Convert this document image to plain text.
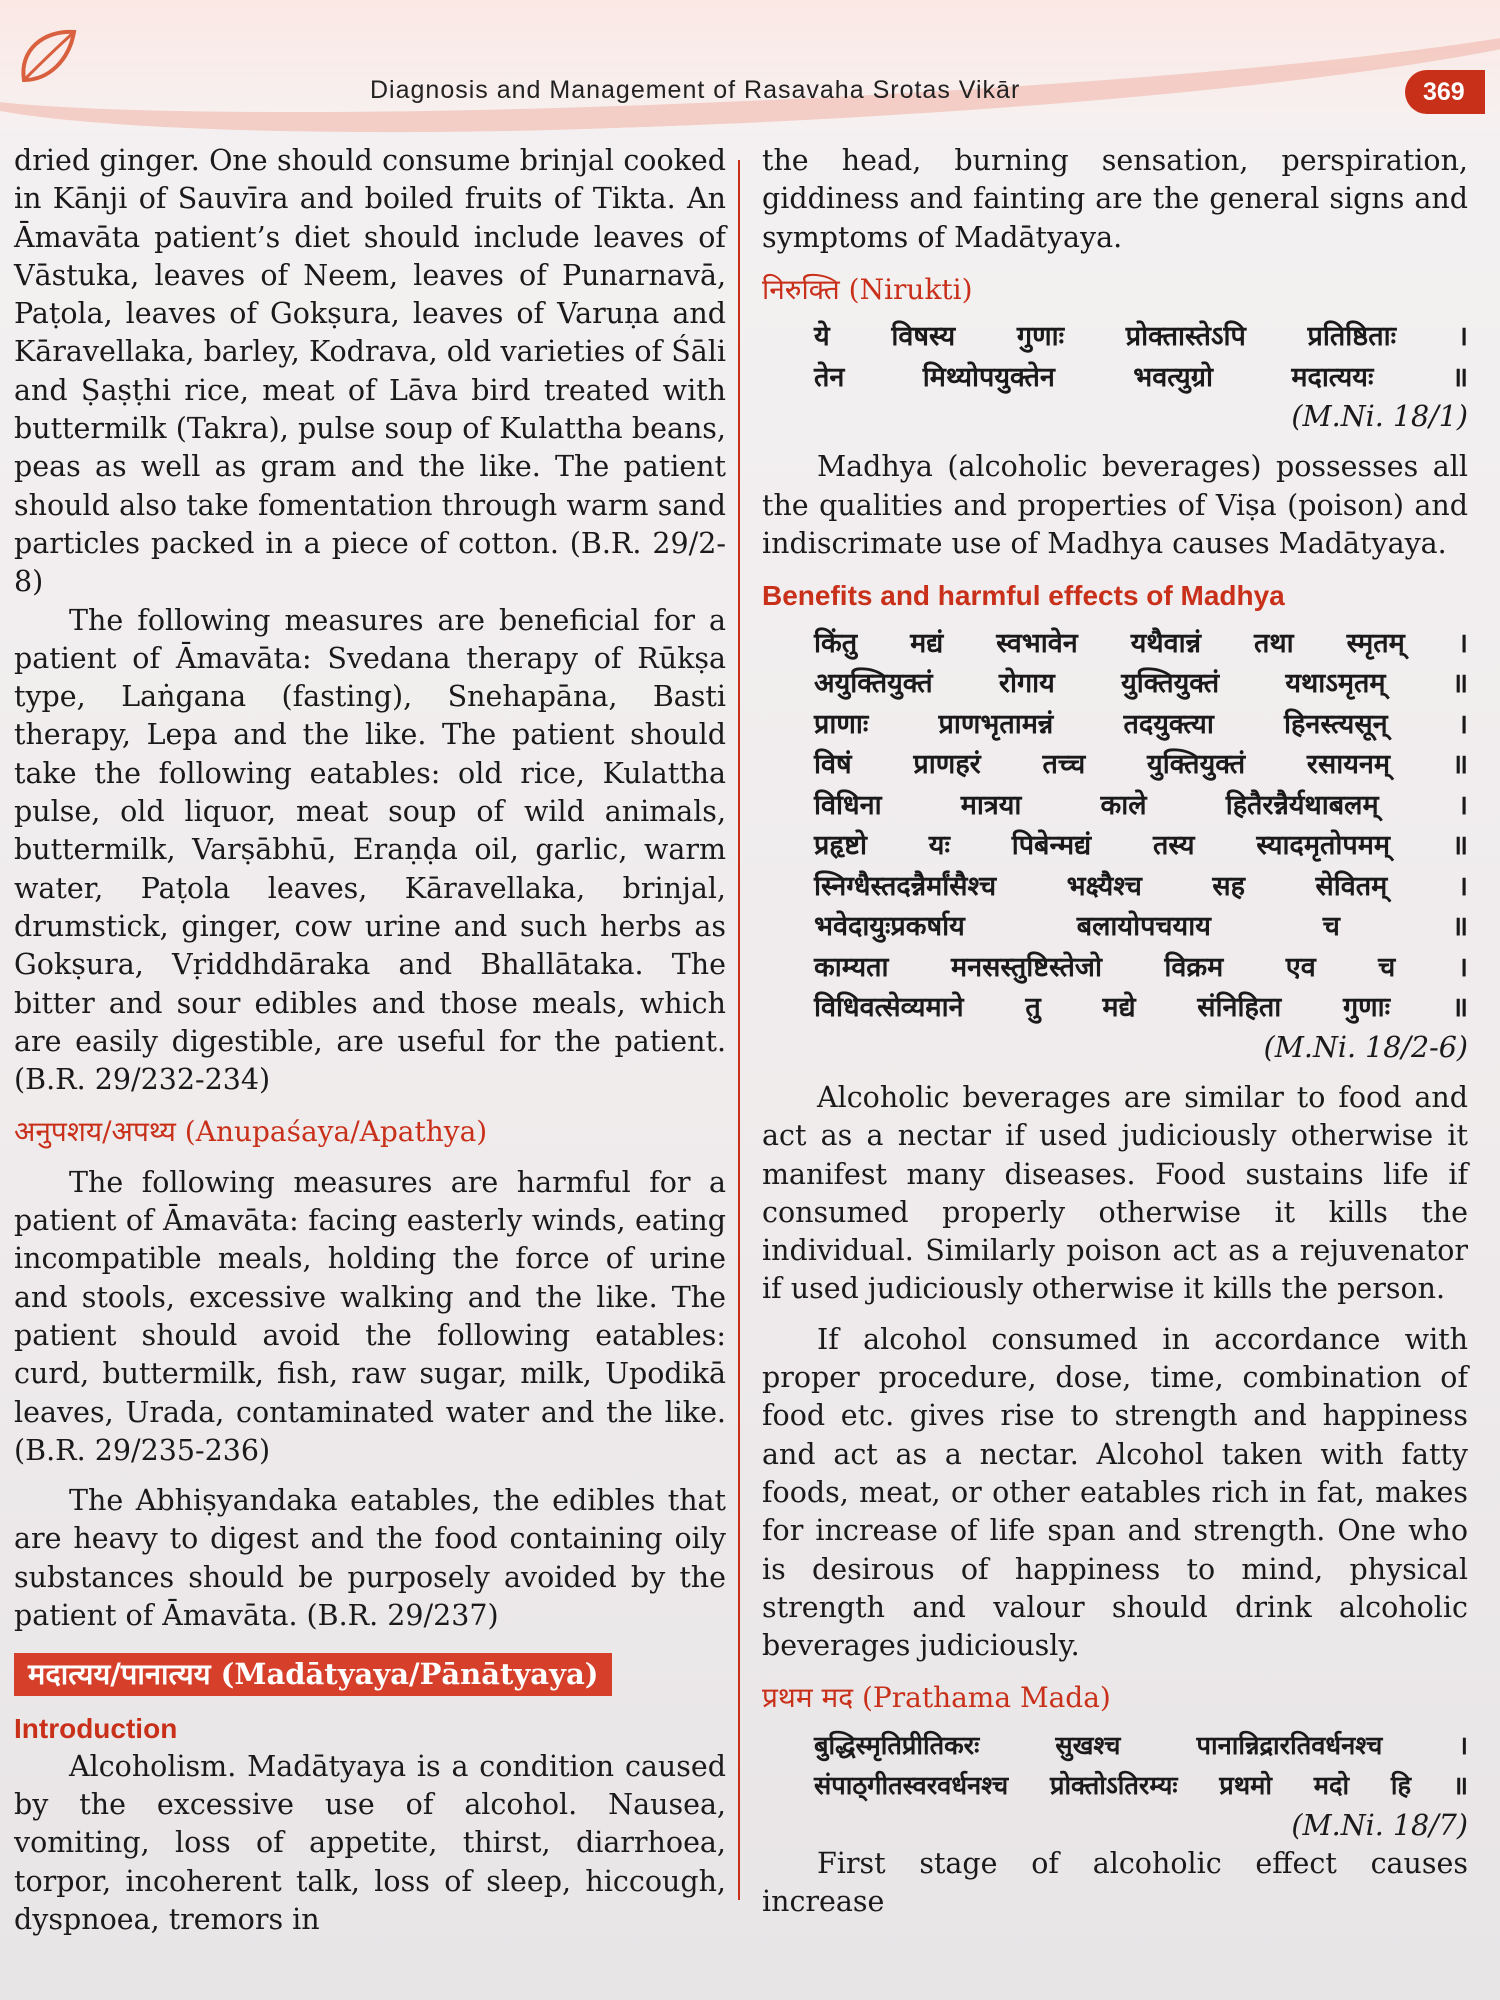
Diagnosis and Management of Rasavaha Srotas Vikār	369

dried ginger. One should consume brinjal cooked in Kānji of Sauvīra and boiled fruits of Tikta. An Āmavāta patient’s diet should include leaves of Vāstuka, leaves of Neem, leaves of Punarnavā, Paṭola, leaves of Gokṣura, leaves of Varuṇa and Kāravellaka, barley, Kodrava, old varieties of Śāli and Ṣaṣṭhi rice, meat of Lāva bird treated with buttermilk (Takra), pulse soup of Kulattha beans, peas as well as gram and the like. The patient should also take fomentation through warm sand particles packed in a piece of cotton. (B.R. 29/2-8)

The following measures are beneficial for a patient of Āmavāta: Svedana therapy of Rūkṣa type, Laṅgana (fasting), Snehapāna, Basti therapy, Lepa and the like. The patient should take the following eatables: old rice, Kulattha pulse, old liquor, meat soup of wild animals, buttermilk, Varṣābhū, Eraṇḍa oil, garlic, warm water, Paṭola leaves, Kāravellaka, brinjal, drumstick, ginger, cow urine and such herbs as Gokṣura, Vṛiddhdāraka and Bhallātaka. The bitter and sour edibles and those meals, which are easily digestible, are useful for the patient. (B.R. 29/232-234)

अनुपशय/अपथ्य (Anupaśaya/Apathya)

The following measures are harmful for a patient of Āmavāta: facing easterly winds, eating incompatible meals, holding the force of urine and stools, excessive walking and the like. The patient should avoid the following eatables: curd, buttermilk, fish, raw sugar, milk, Upodikā leaves, Urada, contaminated water and the like. (B.R. 29/235-236)

The Abhiṣyandaka eatables, the edibles that are heavy to digest and the food containing oily substances should be purposely avoided by the patient of Āmavāta. (B.R. 29/237)

मदात्यय/पानात्यय (Madātyaya/Pānātyaya)
Introduction

Alcoholism. Madātyaya is a condition caused by the excessive use of alcohol. Nausea, vomiting, loss of appetite, thirst, diarrhoea, torpor, incoherent talk, loss of sleep, hiccough, dyspnoea, tremors in

the head, burning sensation, perspiration, giddiness and fainting are the general signs and symptoms of Madātyaya.

निरुक्ति (Nirukti)
ये विषस्य गुणाः प्रोक्तास्तेऽपि प्रतिष्ठिताः ।
तेन मिथ्योपयुक्तेन भवत्युग्रो मदात्ययः ॥
(M.Ni. 18/1)

Madhya (alcoholic beverages) possesses all the qualities and properties of Viṣa (poison) and indiscrimate use of Madhya causes Madātyaya.

Benefits and harmful effects of Madhya
किंतु मद्यं स्वभावेन यथैवान्नं तथा स्मृतम् ।
अयुक्तियुक्तं रोगाय युक्तियुक्तं यथाऽमृतम् ॥
प्राणाः प्राणभृतामन्नं तदयुक्त्या हिनस्त्यसून् ।
विषं प्राणहरं तच्च युक्तियुक्तं रसायनम् ॥
विधिना मात्रया काले हितैरन्नैर्यथाबलम् ।
प्रहृष्टो यः पिबेन्मद्यं तस्य स्यादमृतोपमम् ॥
स्निग्धैस्तदन्नैर्मांसैश्च भक्ष्यैश्च सह सेवितम् ।
भवेदायुःप्रकर्षाय बलायोपचयाय च ॥
काम्यता मनसस्तुष्टिस्तेजो विक्रम एव च ।
विधिवत्सेव्यमाने तु मद्ये संनिहिता गुणाः ॥
(M.Ni. 18/2-6)

Alcoholic beverages are similar to food and act as a nectar if used judiciously otherwise it manifest many diseases. Food sustains life if consumed properly otherwise it kills the individual. Similarly poison act as a rejuvenator if used judiciously otherwise it kills the person.

If alcohol consumed in accordance with proper procedure, dose, time, combination of food etc. gives rise to strength and happiness and act as a nectar. Alcohol taken with fatty foods, meat, or other eatables rich in fat, makes for increase of life span and strength. One who is desirous of happiness to mind, physical strength and valour should drink alcoholic beverages judiciously.

प्रथम मद (Prathama Mada)
बुद्धिस्मृतिप्रीतिकरः सुखश्च पानान्निद्रारतिवर्धनश्च ।
संपाठ्गीतस्वरवर्धनश्च प्रोक्तोऽतिरम्यः प्रथमो मदो हि ॥
(M.Ni. 18/7)

First stage of alcoholic effect causes increase
